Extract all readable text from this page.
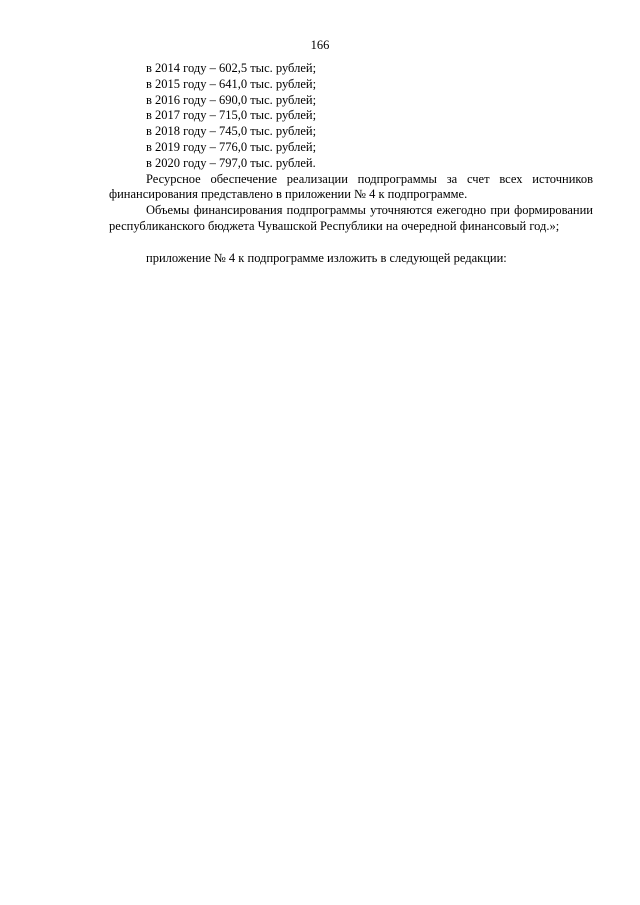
166
в 2014 году – 602,5 тыс. рублей;
в 2015 году – 641,0 тыс. рублей;
в 2016 году – 690,0 тыс. рублей;
в 2017 году – 715,0 тыс. рублей;
в 2018 году – 745,0 тыс. рублей;
в 2019 году – 776,0 тыс. рублей;
в 2020 году – 797,0 тыс. рублей.

Ресурсное обеспечение реализации подпрограммы за счет всех источников финансирования представлено в приложении № 4 к подпрограмме.

Объемы финансирования подпрограммы уточняются ежегодно при формировании республиканского бюджета Чувашской Республики на очередной финансовый год.»;

приложение № 4 к подпрограмме изложить в следующей редакции:
